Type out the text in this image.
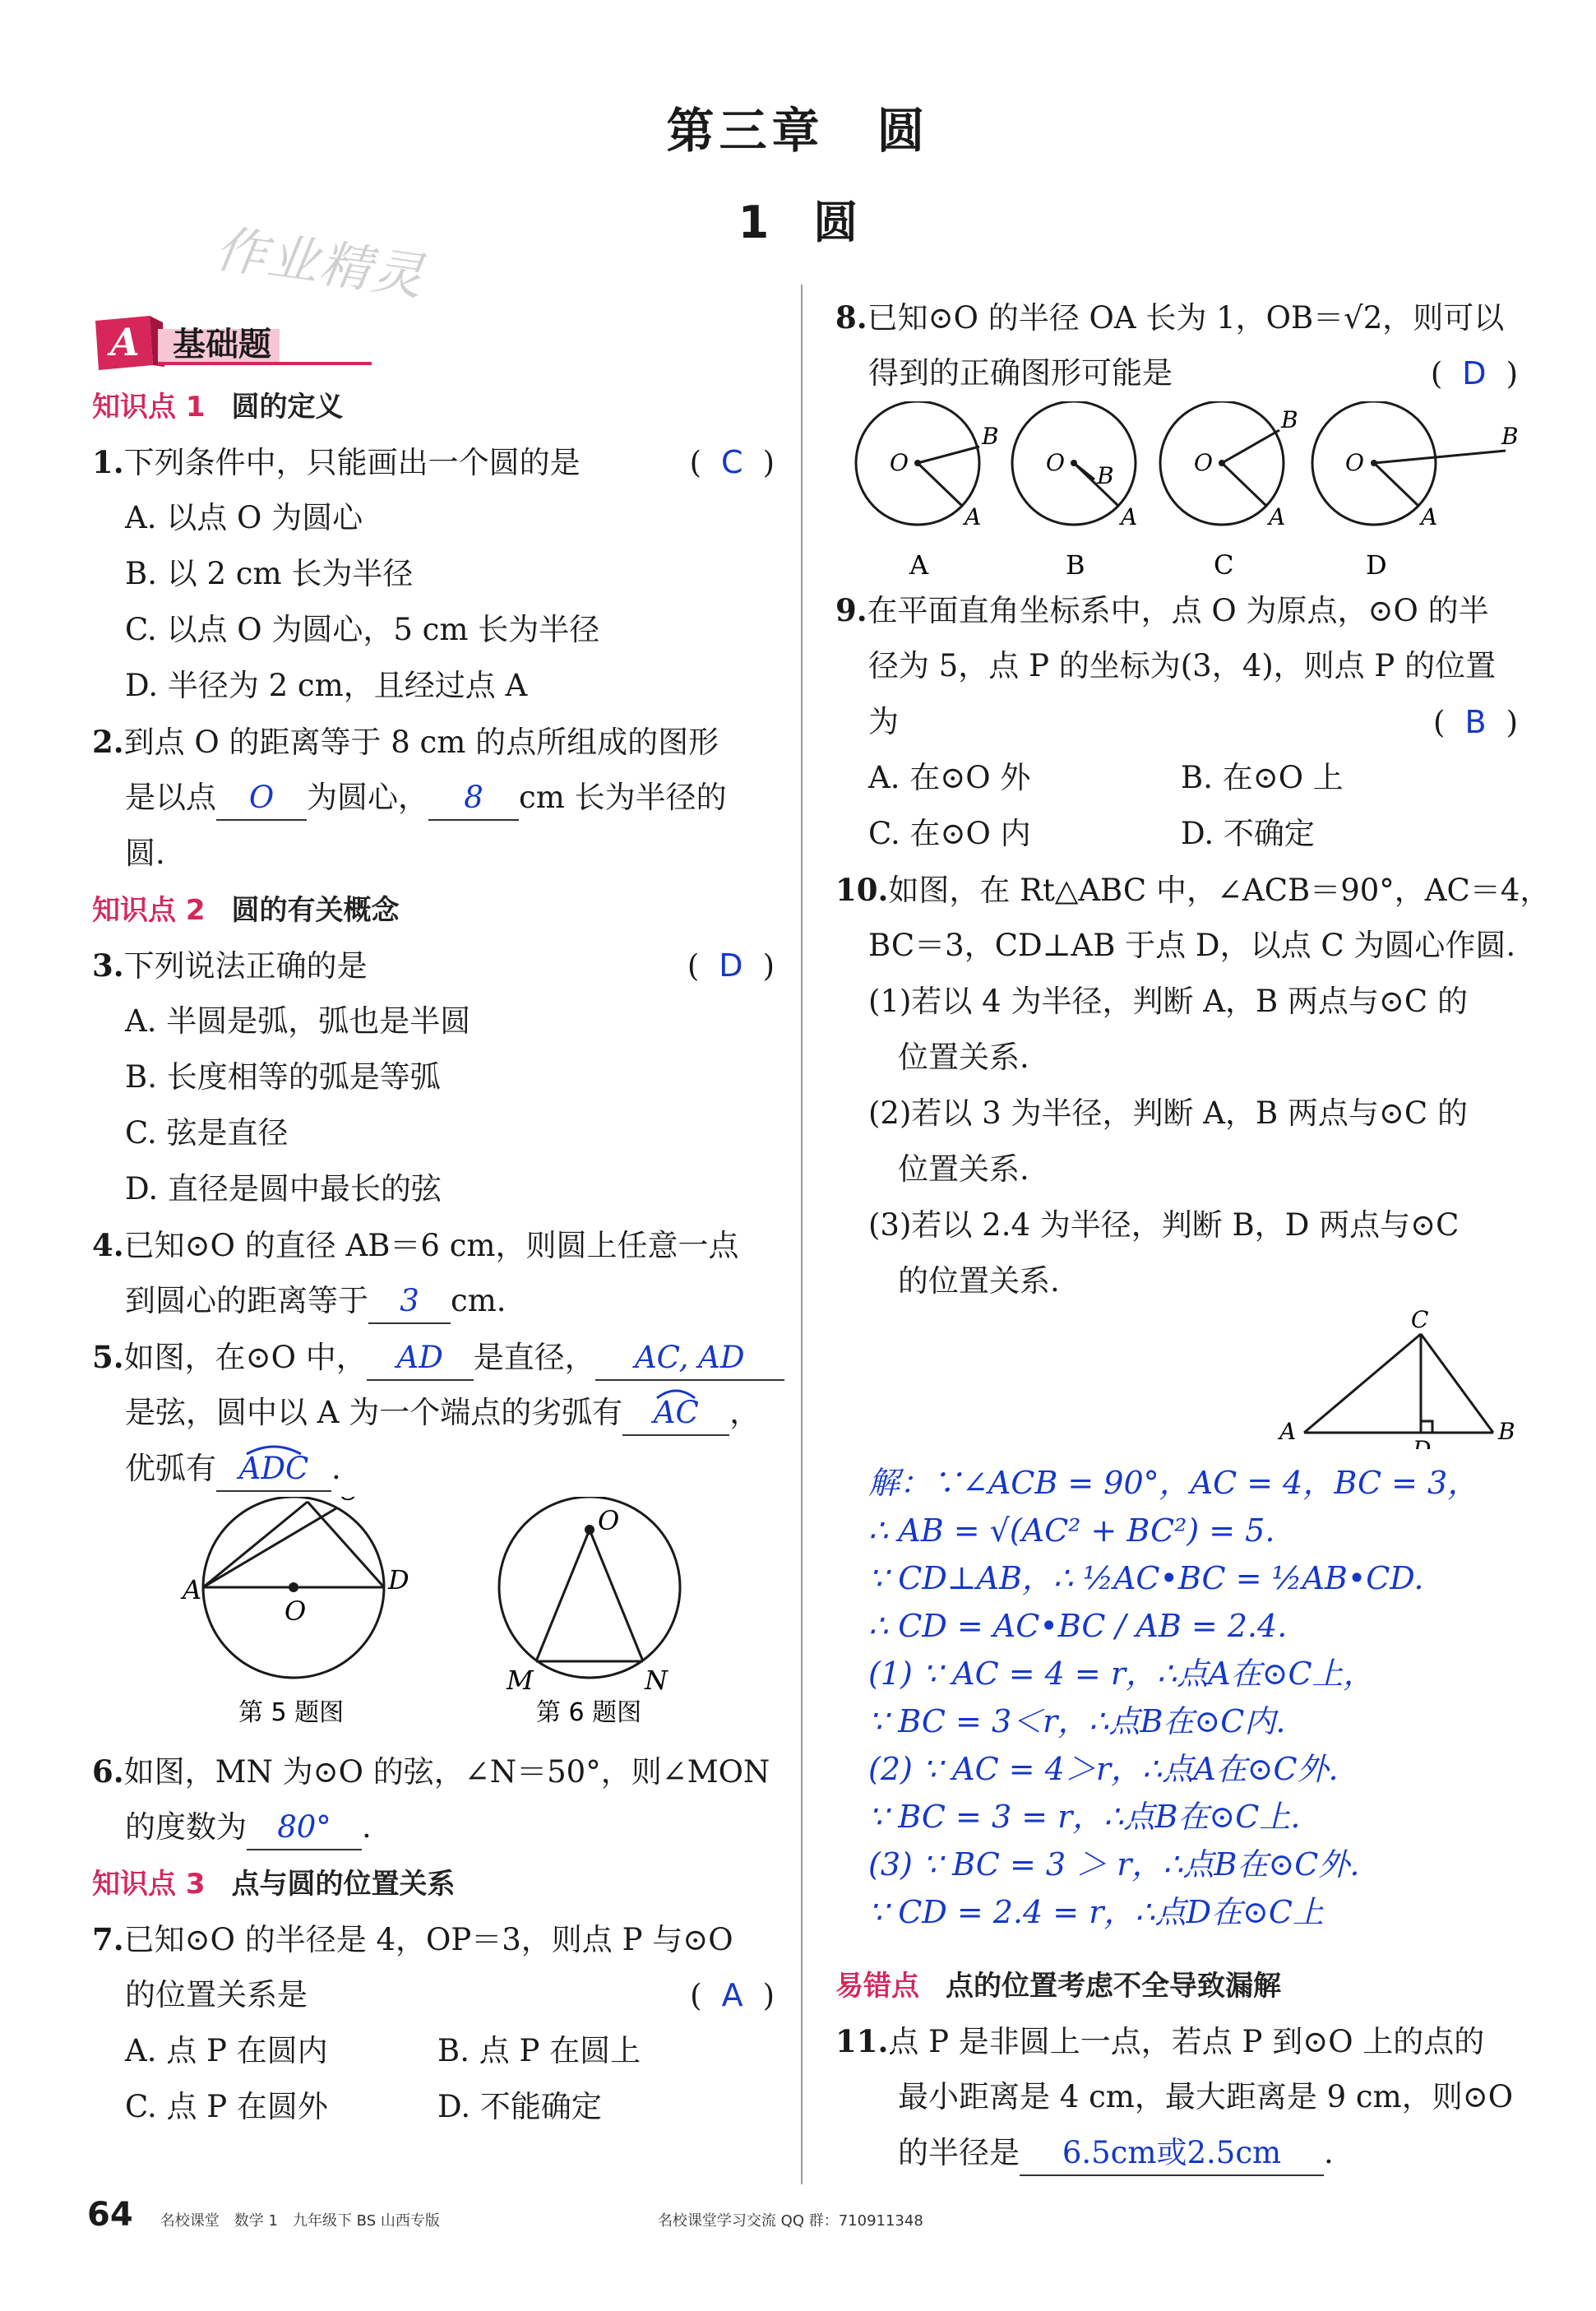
第三章　圆
1　圆
作业精灵
A 基础题
知识点 1 圆的定义
1.下列条件中，只能画出一个圆的是	( C )
A. 以点 O 为圆心
B. 以 2 cm 长为半径
C. 以点 O 为圆心，5 cm 长为半径
D. 半径为 2 cm，且经过点 A
2.到点 O 的距离等于 8 cm 的点所组成的图形
是以点 O 为圆心， 8 cm 长为半径的
圆.
知识点 2 圆的有关概念
3.下列说法正确的是	( D )
A. 半圆是弧，弧也是半圆
B. 长度相等的弧是等弧
C. 弦是直径
D. 直径是圆中最长的弦
4.已知⊙O 的直径 AB＝6 cm，则圆上任意一点
到圆心的距离等于 3 cm.
5.如图，在⊙O 中， AD 是直径， AC, AD
是弦，圆中以 A 为一个端点的劣弧有 AC ，
优弧有 ADC .
A	D
O
第 5 题图
O
M	N
第 6 题图
6.如图，MN 为⊙O 的弦，∠N＝50°，则∠MON
的度数为 80° .
知识点 3 点与圆的位置关系
7.已知⊙O 的半径是 4，OP＝3，则点 P 与⊙O
的位置关系是	( A )
A. 点 P 在圆内	B. 点 P 在圆上
C. 点 P 在圆外	D. 不能确定
8.已知⊙O 的半径 OA 长为 1，OB＝√2，则可以
得到的正确图形可能是	( D )
O
B
A
O B
A
O
B
A
O
B
A
A	B	C	D
9.在平面直角坐标系中，点 O 为原点，⊙O 的半
径为 5，点 P 的坐标为(3，4)，则点 P 的位置
为	( B )
A. 在⊙O 外	B. 在⊙O 上
C. 在⊙O 内	D. 不确定
10.如图，在 Rt△ABC 中，∠ACB＝90°，AC＝4，
BC＝3，CD⊥AB 于点 D，以点 C 为圆心作圆.
(1)若以 4 为半径，判断 A，B 两点与⊙C 的
位置关系.
(2)若以 3 为半径，判断 A，B 两点与⊙C 的
位置关系.
(3)若以 2.4 为半径，判断 B，D 两点与⊙C
的位置关系.
A	B
C
解：∵∠ACB = 90°，AC = 4，BC = 3，
∴ AB = √(AC² + BC²) = 5.
∵ CD⊥AB，∴ ½AC•BC = ½AB•CD.
∴ CD = AC•BC / AB = 2.4.
(1) ∵ AC = 4 = r，∴点A在⊙C上，
∵ BC = 3＜r，∴点B在⊙C内.
(2) ∵ AC = 4＞r，∴点A在⊙C外.
∵ BC = 3 = r，∴点B在⊙C上.
(3) ∵ BC = 3 ＞ r，∴点B在⊙C外.
∵ CD = 2.4 = r，∴点D在⊙C上
易错点 点的位置考虑不全导致漏解
11.点 P 是非圆上一点，若点 P 到⊙O 上的点的
最小距离是 4 cm，最大距离是 9 cm，则⊙O
的半径是 6.5cm或2.5cm .
64 名校课堂　数学 1　九年级下 BS 山西专版	名校课堂学习交流 QQ 群：710911348
